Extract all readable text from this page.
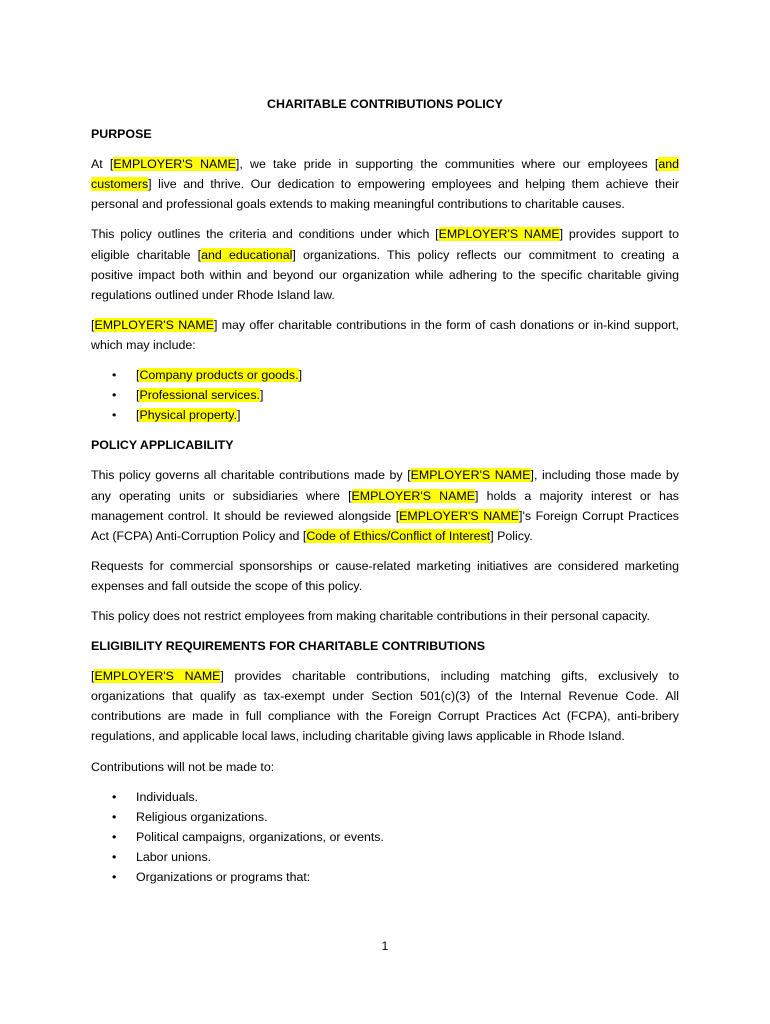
CHARITABLE CONTRIBUTIONS POLICY
PURPOSE

At [EMPLOYER'S NAME], we take pride in supporting the communities where our employees [and customers] live and thrive. Our dedication to empowering employees and helping them achieve their personal and professional goals extends to making meaningful contributions to charitable causes.

This policy outlines the criteria and conditions under which [EMPLOYER'S NAME] provides support to eligible charitable [and educational] organizations. This policy reflects our commitment to creating a positive impact both within and beyond our organization while adhering to the specific charitable giving regulations outlined under Rhode Island law.

[EMPLOYER'S NAME] may offer charitable contributions in the form of cash donations or in-kind support, which may include:

• [Company products or goods.]
• [Professional services.]
• [Physical property.]
POLICY APPLICABILITY

This policy governs all charitable contributions made by [EMPLOYER'S NAME], including those made by any operating units or subsidiaries where [EMPLOYER'S NAME] holds a majority interest or has management control. It should be reviewed alongside [EMPLOYER'S NAME]'s Foreign Corrupt Practices Act (FCPA) Anti-Corruption Policy and [Code of Ethics/Conflict of Interest] Policy.

Requests for commercial sponsorships or cause-related marketing initiatives are considered marketing expenses and fall outside the scope of this policy.

This policy does not restrict employees from making charitable contributions in their personal capacity.

ELIGIBILITY REQUIREMENTS FOR CHARITABLE CONTRIBUTIONS

[EMPLOYER'S NAME] provides charitable contributions, including matching gifts, exclusively to organizations that qualify as tax-exempt under Section 501(c)(3) of the Internal Revenue Code. All contributions are made in full compliance with the Foreign Corrupt Practices Act (FCPA), anti-bribery regulations, and applicable local laws, including charitable giving laws applicable in Rhode Island.

Contributions will not be made to:

• Individuals.
• Religious organizations.
• Political campaigns, organizations, or events.
• Labor unions.
• Organizations or programs that:
1
